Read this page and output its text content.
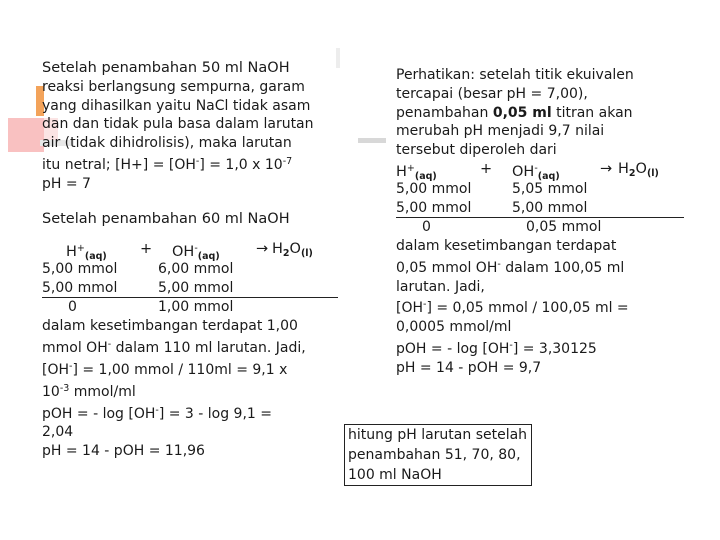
Setelah penambahan 50 ml NaOH
reaksi berlangsung sempurna, garam
yang dihasilkan yaitu NaCl tidak asam
dan dan tidak pula basa dalam larutan
air (tidak dihidrolisis), maka larutan
itu netral; [H+] = [OH-] = 1,0 x $10^{-7}$
pH = 7
Setelah penambahan 60 ml NaOH
$H^+_{(aq)} + OH^-_{(aq)}$	→ $H_2O_{(l)}$
5,00 mmol	6,00 mmol
5,00 mmol	5,00 mmol
0	1,00 mmol
dalam kesetimbangan terdapat 1,00
mmol OH- dalam 110 ml larutan. Jadi,
[OH-] = 1,00 mmol / 110ml = 9,1 x
$10^{-3}$ mmol/ml
pOH = - log [OH-] = 3 - log 9,1 =
2,04
pH = 14 - pOH = 11,96
Perhatikan: setelah titik ekuivalen
tercapai (besar pH = 7,00),
penambahan 0,05 ml titran akan
merubah pH menjadi 9,7 nilai
tersebut diperoleh dari
$H^+_{(aq)}$	+ $OH^-_{(aq)}$	→ $H_2O_{(l)}$
5,00 mmol	5,05 mmol
5,00 mmol	5,00 mmol
0	0,05 mmol
dalam kesetimbangan terdapat
0,05 mmol OH- dalam 100,05 ml
larutan. Jadi,
[OH-] = 0,05 mmol / 100,05 ml =
0,0005 mmol/ml
pOH = - log [OH-] = 3,30125
pH = 14 - pOH = 9,7
hitung pH larutan setelah
penambahan 51, 70, 80,
100 ml NaOH
